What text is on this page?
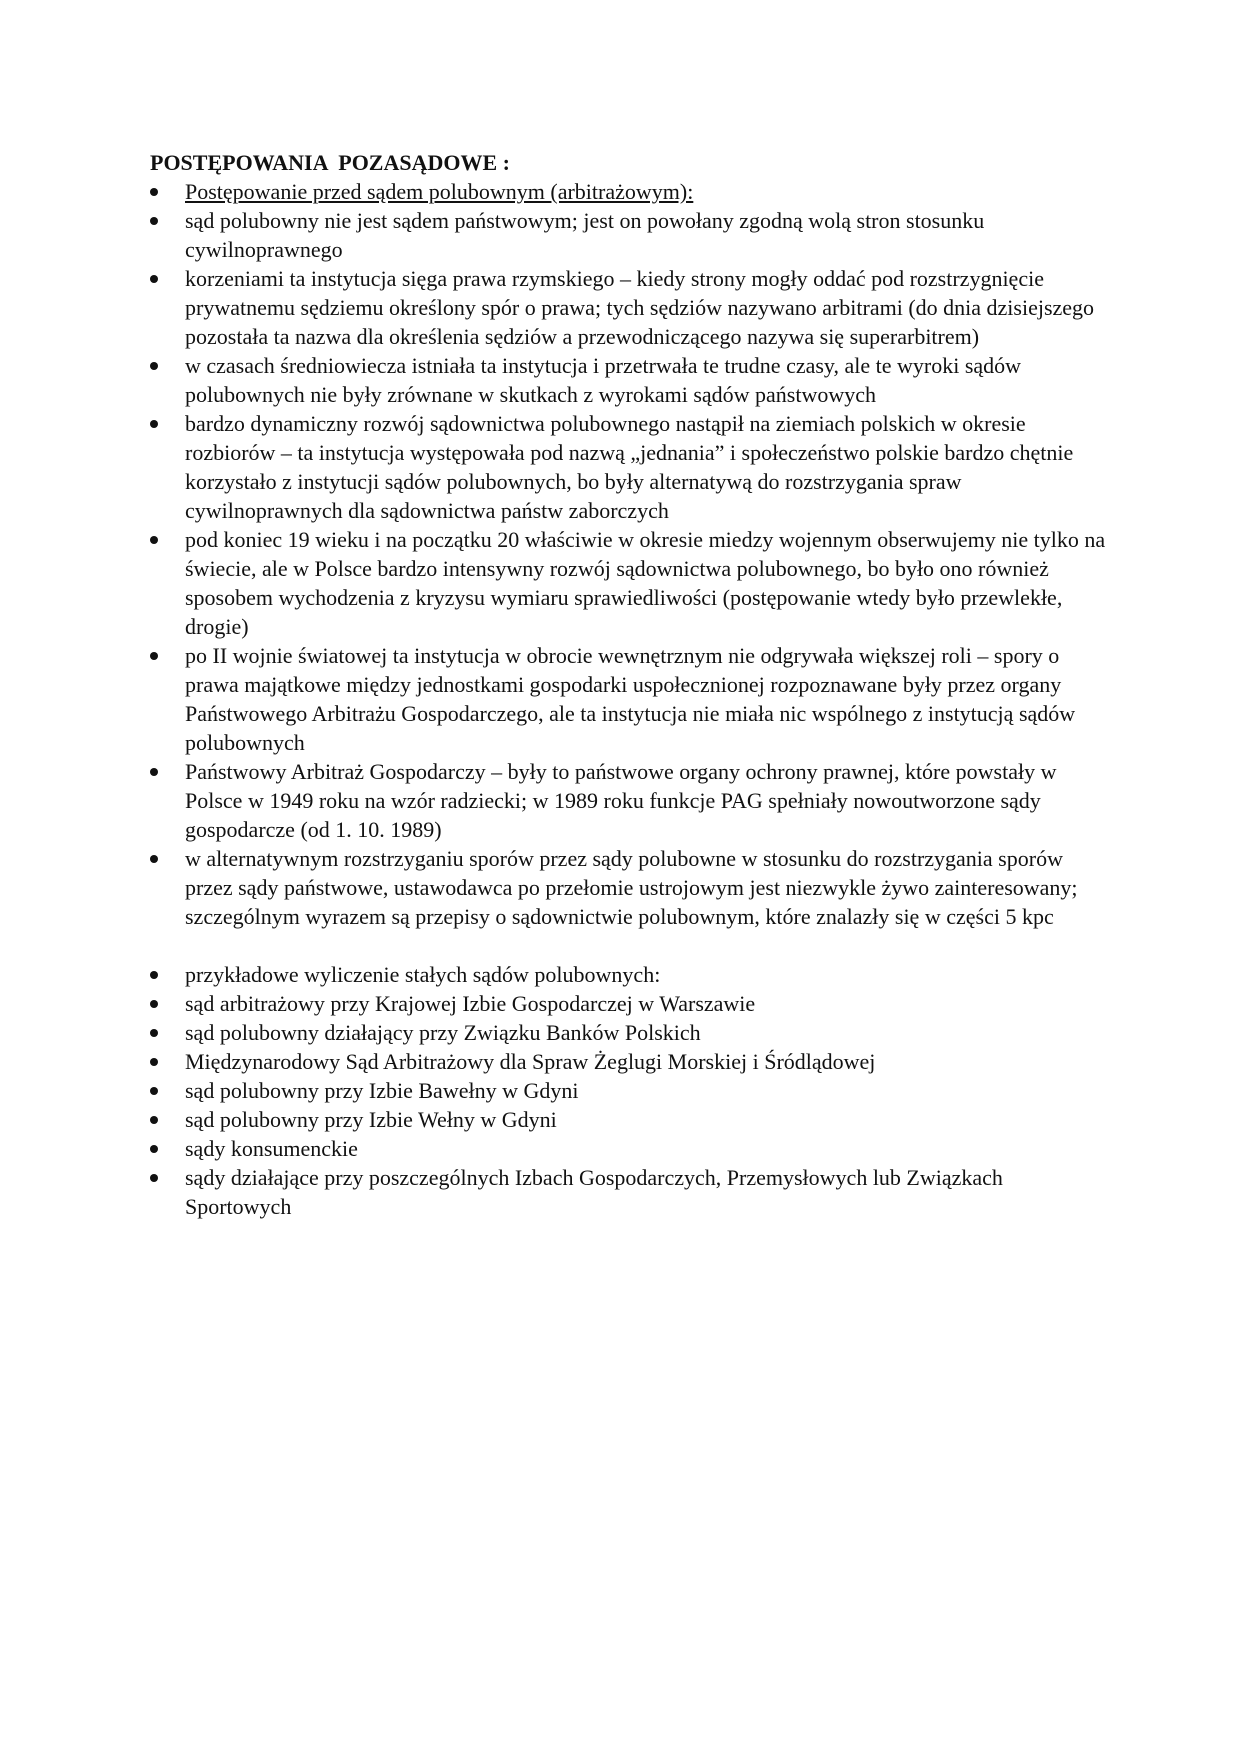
POSTĘPOWANIA  POZASĄDOWE :
Postępowanie przed sądem polubownym (arbitrażowym):
sąd polubowny nie jest sądem państwowym; jest on powołany zgodną wolą stron stosunku cywilnoprawnego
korzeniami ta instytucja sięga prawa rzymskiego – kiedy strony mogły oddać pod rozstrzygnięcie prywatnemu sędziemu określony spór o prawa; tych sędziów nazywano arbitrami (do dnia dzisiejszego pozostała ta nazwa dla określenia sędziów a przewodniczącego nazywa się superarbitrem)
w czasach średniowiecza istniała ta instytucja i przetrwała te trudne czasy, ale te wyroki sądów polubownych nie były zrównane w skutkach z wyrokami sądów państwowych
bardzo dynamiczny rozwój sądownictwa polubownego nastąpił na ziemiach polskich w okresie rozbiorów – ta instytucja występowała pod nazwą „jednania” i społeczeństwo polskie bardzo chętnie korzystało z instytucji sądów polubownych, bo były alternatywą do rozstrzygania spraw cywilnoprawnych dla sądownictwa państw zaborczych
pod koniec 19 wieku i na początku 20 właściwie w okresie miedzy wojennym obserwujemy nie tylko na świecie, ale w Polsce bardzo intensywny rozwój sądownictwa polubownego, bo było ono również sposobem wychodzenia z kryzysu wymiaru sprawiedliwości (postępowanie wtedy było przewlekłe, drogie)
po II wojnie światowej ta instytucja w obrocie wewnętrznym nie odgrywała większej roli – spory o prawa majątkowe między jednostkami gospodarki uspołecznionej rozpoznawane były przez organy Państwowego Arbitrażu Gospodarczego, ale ta instytucja nie miała nic wspólnego z instytucją sądów polubownych
Państwowy Arbitraż Gospodarczy – były to państwowe organy ochrony prawnej, które powstały w Polsce w 1949 roku na wzór radziecki; w 1989 roku funkcje PAG spełniały nowoutworzone sądy gospodarcze (od 1. 10. 1989)
w alternatywnym rozstrzyganiu sporów przez sądy polubowne w stosunku do rozstrzygania sporów przez sądy państwowe, ustawodawca po przełomie ustrojowym jest niezwykle żywo zainteresowany; szczególnym wyrazem są przepisy o sądownictwie polubownym, które znalazły się w części 5 kpc
przykładowe wyliczenie stałych sądów polubownych:
sąd arbitrażowy przy Krajowej Izbie Gospodarczej w Warszawie
sąd polubowny działający przy Związku Banków Polskich
Międzynarodowy Sąd Arbitrażowy dla Spraw Żeglugi Morskiej i Śródlądowej
sąd polubowny przy Izbie Bawełny w Gdyni
sąd polubowny przy Izbie Wełny w Gdyni
sądy konsumenckie
sądy działające przy poszczególnych Izbach Gospodarczych, Przemysłowych lub Związkach Sportowych
